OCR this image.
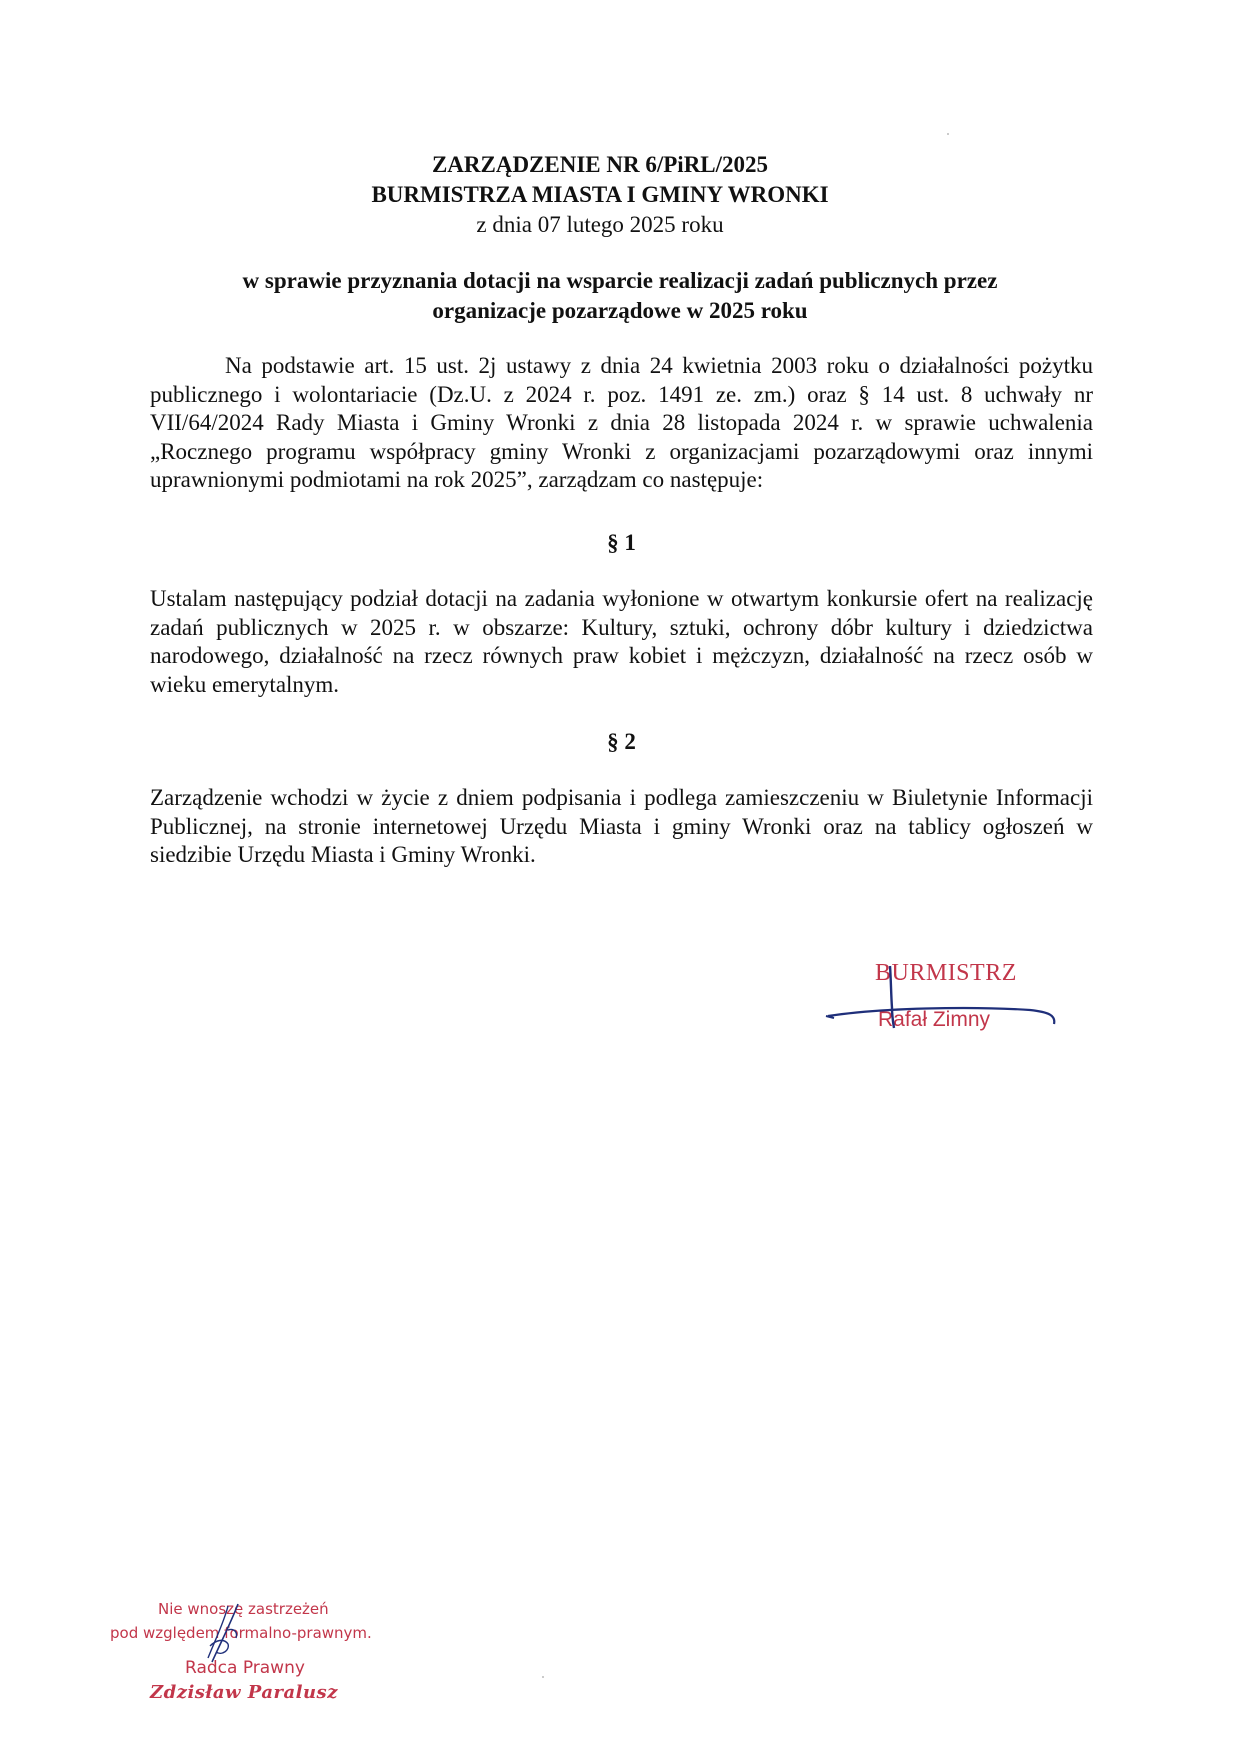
ZARZĄDZENIE NR 6/PiRL/2025
BURMISTRZA MIASTA I GMINY WRONKI
z dnia 07 lutego 2025 roku
w sprawie przyznania dotacji na wsparcie realizacji zadań publicznych przez
organizacje pozarządowe w 2025 roku
Na podstawie art. 15 ust. 2j ustawy z dnia 24 kwietnia 2003 roku o działalności pożytku publicznego i wolontariacie (Dz.U. z 2024 r. poz. 1491 ze. zm.) oraz § 14 ust. 8 uchwały nr VII/64/2024 Rady Miasta i Gminy Wronki z dnia 28 listopada 2024 r. w sprawie uchwalenia „Rocznego programu współpracy gminy Wronki z organizacjami pozarządowymi oraz innymi uprawnionymi podmiotami na rok 2025”, zarządzam co następuje:
§ 1
Ustalam następujący podział dotacji na zadania wyłonione w otwartym konkursie ofert na realizację zadań publicznych w 2025 r. w obszarze: Kultury, sztuki, ochrony dóbr kultury i dziedzictwa narodowego, działalność na rzecz równych praw kobiet i mężczyzn, działalność na rzecz osób w wieku emerytalnym.
§ 2
Zarządzenie wchodzi w życie z dniem podpisania i podlega zamieszczeniu w Biuletynie Informacji Publicznej, na stronie internetowej Urzędu Miasta i gminy Wronki oraz na tablicy ogłoszeń w siedzibie Urzędu Miasta i Gminy Wronki.
BURMISTRZ
Rafał Zimny
Nie wnoszę zastrzeżeń
pod względem formalno-prawnym.
Radca Prawny
Zdzisław Paralusz
